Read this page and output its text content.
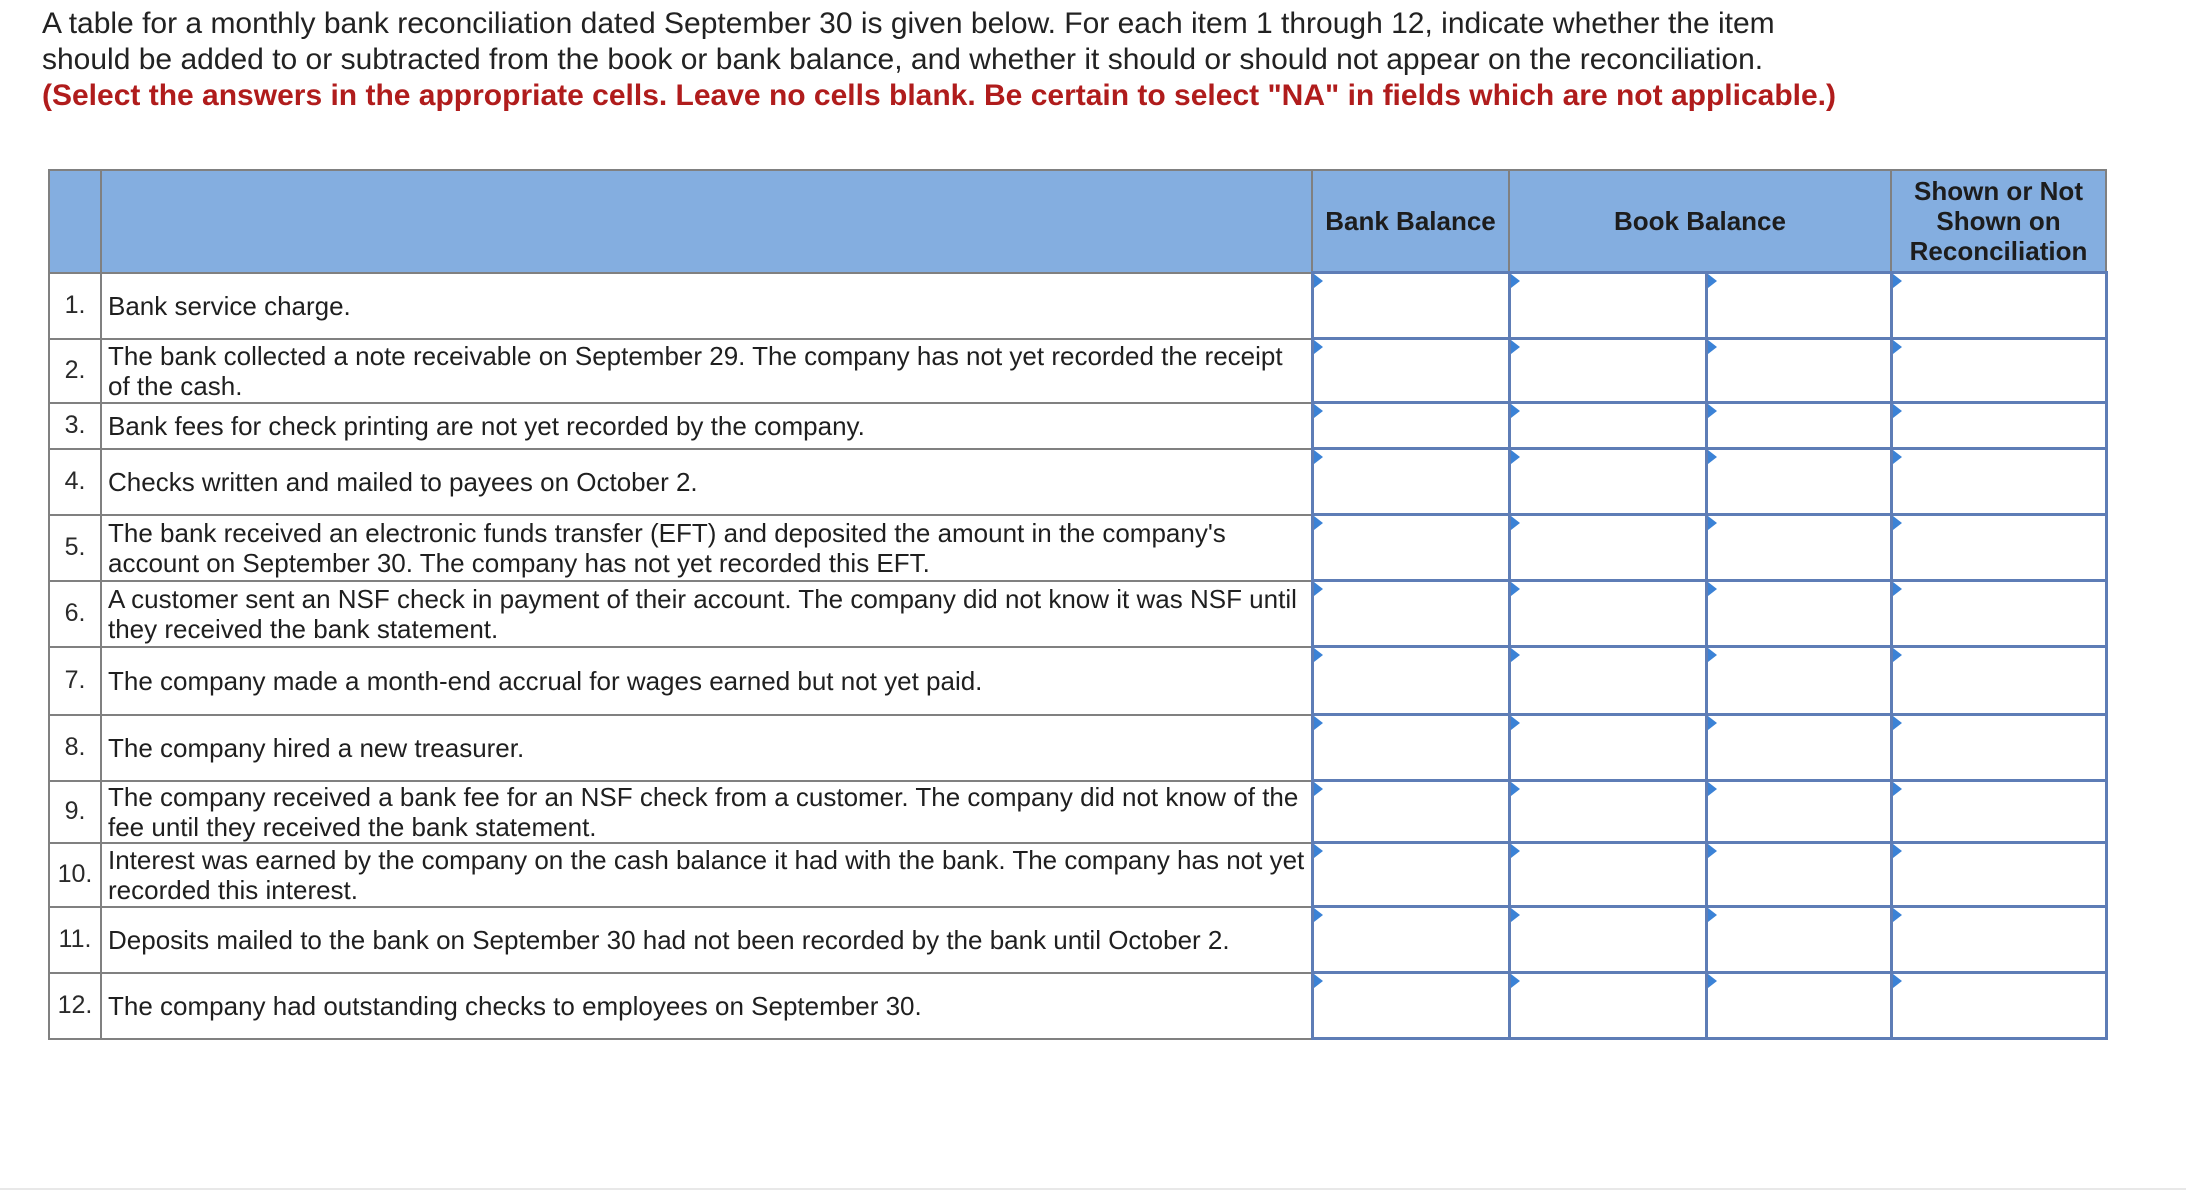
A table for a monthly bank reconciliation dated September 30 is given below. For each item 1 through 12, indicate whether the item
should be added to or subtracted from the book or bank balance, and whether it should or should not appear on the reconciliation.
(Select the answers in the appropriate cells. Leave no cells blank. Be certain to select "NA" in fields which are not applicable.)
		Bank Balance	Book Balance		Shown or Not
Shown on
Reconciliation
1.	Bank service charge.	

2.	The bank collected a note receivable on September 29. The company has not yet recorded the receipt of the cash.	

3.	Bank fees for check printing are not yet recorded by the company.	

4.	Checks written and mailed to payees on October 2.	

5.	The bank received an electronic funds transfer (EFT) and deposited the amount in the company's account on September 30. The company has not yet recorded this EFT.	

6.	A customer sent an NSF check in payment of their account. The company did not know it was NSF until they received the bank statement.	

7.	The company made a month-end accrual for wages earned but not yet paid.	

8.	The company hired a new treasurer.	

9.	The company received a bank fee for an NSF check from a customer. The company did not know of the fee until they received the bank statement.	

10.	Interest was earned by the company on the cash balance it had with the bank. The company has not yet recorded this interest.	

11.	Deposits mailed to the bank on September 30 had not been recorded by the bank until October 2.	

12.	The company had outstanding checks to employees on September 30.	
